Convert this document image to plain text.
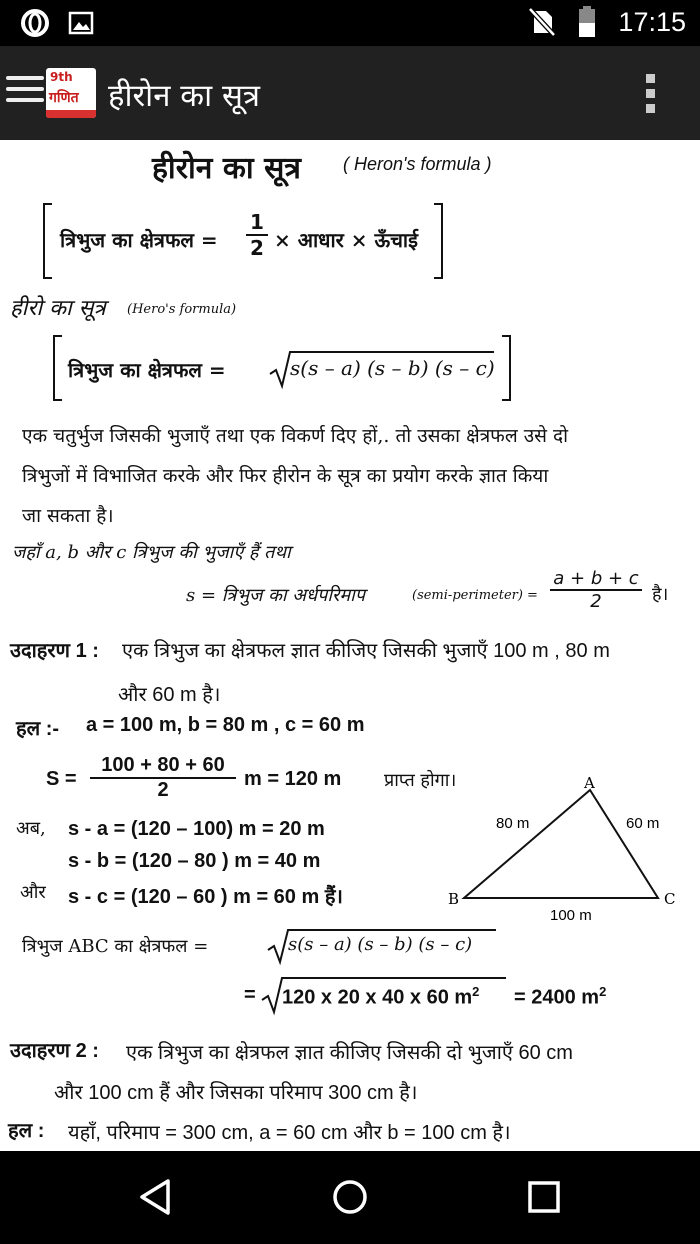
17:15
9th
गणित हीरोन का सूत्र
हीरोन का सूत्र ( Heron's formula )
त्रिभुज का क्षेत्रफल =
1
2 × आधार × ऊँचाई
हीरो का सूत्र (Hero's formula)
त्रिभुज का क्षेत्रफल =	s(s – a) (s – b) (s – c)
एक चतुर्भुज जिसकी भुजाएँ तथा एक विकर्ण दिए हों,. तो उसका क्षेत्रफल उसे दो
त्रिभुजों में विभाजित करके और फिर हीरोन के सूत्र का प्रयोग करके ज्ञात किया
जा सकता है।
जहाँ a, b और c त्रिभुज की भुजाएँ हैं तथा
s = त्रिभुज का अर्धपरिमाप	(semi-perimeter) =
a + b + c
2	है।
उदाहरण 1 : एक त्रिभुज का क्षेत्रफल ज्ञात कीजिए जिसकी भुजाएँ 100 m , 80 m
और 60 m है।
हल :- a = 100 m, b = 80 m , c = 60 m
S =
100 + 80 + 60
2	m = 120 m प्राप्त होगा।
अब, s - a = (120 – 100) m = 20 m
s - b = (120 – 80 ) m = 40 m
और s - c = (120 – 60 ) m = 60 m हैं।
A
B	C
80 m	60 m
100 m
त्रिभुज ABC का क्षेत्रफल =	s(s – a) (s – b) (s – c)
= 120 x 20 x 40 x 60 $m^2 = 2400$ $m^2$
उदाहरण 2 : एक त्रिभुज का क्षेत्रफल ज्ञात कीजिए जिसकी दो भुजाएँ 60 cm
और 100 cm हैं और जिसका परिमाप 300 cm है।
हल : यहाँ, परिमाप = 300 cm, a = 60 cm और b = 100 cm है।
